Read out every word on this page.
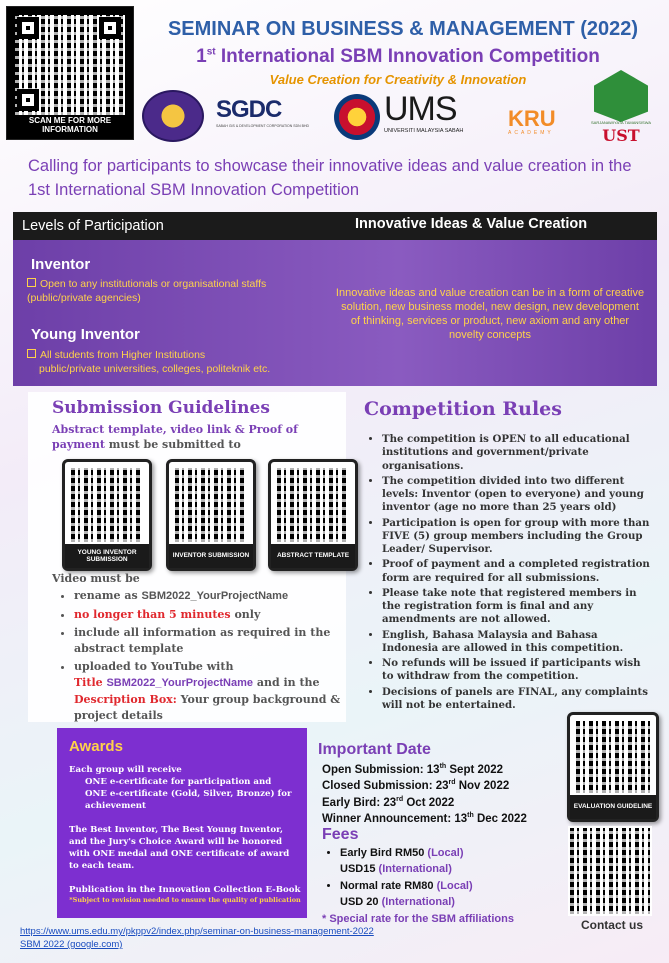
SCAN ME FOR MORE INFORMATION
SEMINAR ON BUSINESS & MANAGEMENT (2022)
1st International SBM Innovation Competition
Value Creation for Creativity & Innovation
SGDC
SABAH GIS & DEVELOPMENT CORPORATION SDN BHD UMS
UNIVERSITI MALAYSIA SABAH	KRU
ACADEMY
SARJANAWIYATA TAMANSISWA
UST
Calling for participants to showcase their innovative ideas and value creation in the 1st International SBM Innovation Competition
Levels of Participation	Innovative Ideas & Value Creation
Inventor
Open to any institutionals or organisational staffs (public/private agencies)
Young Inventor
All students from Higher Institutions
public/private universities, colleges, politeknik etc.
Innovative ideas and value creation can be in a form of creative solution, new business model, new design, new development of thinking, services or product, new axiom and any other novelty concepts
Submission Guidelines
Abstract template, video link & Proof of payment must be submitted to
YOUNG INVENTOR SUBMISSION
INVENTOR SUBMISSION	ABSTRACT TEMPLATE
Video must be
• rename as SBM2022_YourProjectName
• no longer than 5 minutes only
• include all information as required in the abstract template
• uploaded to YouTube with
Title SBM2022_YourProjectName and in the
Description Box: Your group background & project details
Competition Rules
• The competition is OPEN to all educational institutions and government/private organisations.
• The competition divided into two different levels: Inventor (open to everyone) and young inventor (age no more than 25 years old)
• Participation is open for group with more than FIVE (5) group members including the Group Leader/ Supervisor.
• Proof of payment and a completed registration form are required for all submissions.
• Please take note that registered members in the registration form is final and any amendments are not allowed.
• English, Bahasa Malaysia and Bahasa Indonesia are allowed in this competition.
• No refunds will be issued if participants wish to withdraw from the competition.
• Decisions of panels are FINAL, any complaints will not be entertained.
EVALUATION GUIDELINE
Awards
Each group will receive
ONE e-certificate for participation and
ONE e-certificate (Gold, Silver, Bronze) for achievement
The Best Inventor, The Best Young Inventor, and the Jury's Choice Award will be honored with ONE medal and ONE certificate of award to each team.
Publication in the Innovation Collection E-Book
*Subject to revision needed to ensure the quality of publication
Important Date
Open Submission: 13th Sept 2022
Closed Submission: 23rd Nov 2022
Early Bird: 23rd Oct 2022
Winner Announcement: 13th Dec 2022
Fees
• Early Bird RM50 (Local)
USD15 (International)
• Normal rate RM80 (Local)
USD 20 (International)
* Special rate for the SBM affiliations	Contact us
https://www.ums.edu.my/pkppv2/index.php/seminar-on-business-management-2022
SBM 2022 (google.com)
